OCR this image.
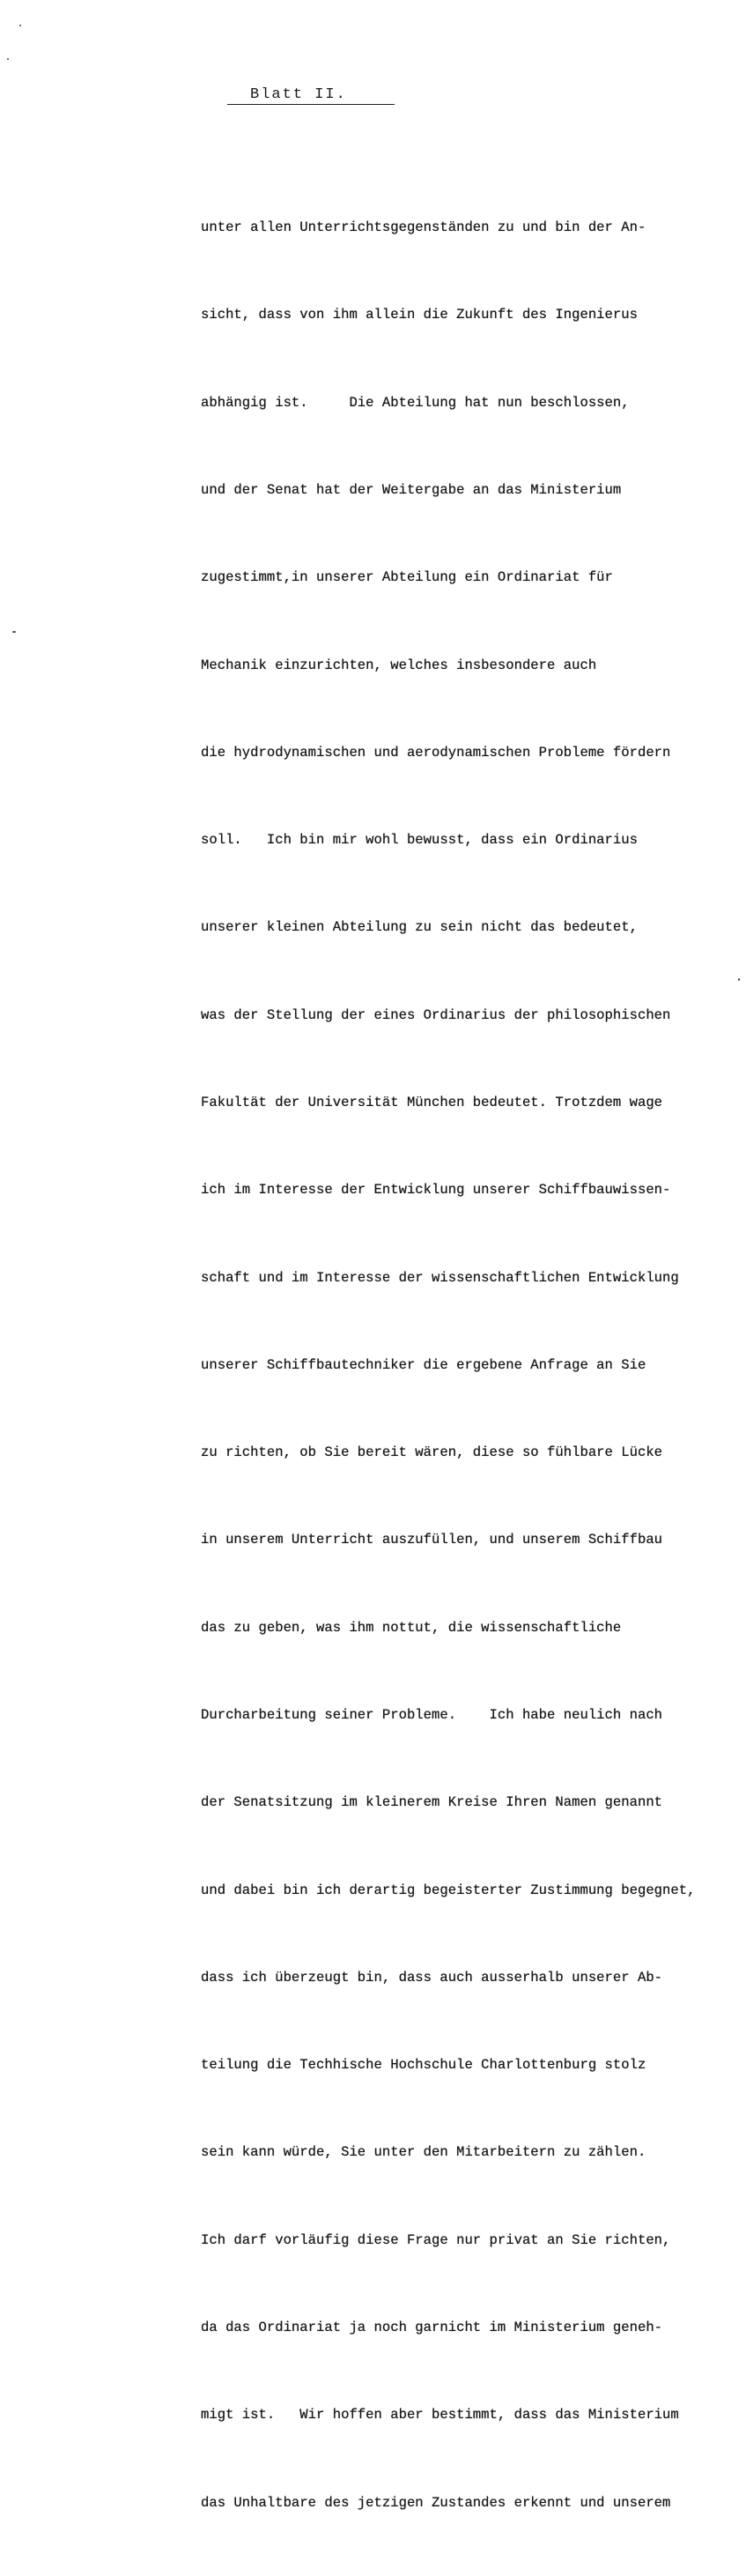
Blatt II.

unter allen Unterrichtsgegenständen zu und bin der An-

sicht, dass von ihm allein die Zukunft des Ingenierus

abhängig ist.     Die Abteilung hat nun beschlossen,

und der Senat hat der Weitergabe an das Ministerium

zugestimmt,in unserer Abteilung ein Ordinariat für

Mechanik einzurichten, welches insbesondere auch

die hydrodynamischen und aerodynamischen Probleme fördern

soll.   Ich bin mir wohl bewusst, dass ein Ordinarius

unserer kleinen Abteilung zu sein nicht das bedeutet,

was der Stellung der eines Ordinarius der philosophischen

Fakultät der Universität München bedeutet. Trotzdem wage

ich im Interesse der Entwicklung unserer Schiffbauwissen-

schaft und im Interesse der wissenschaftlichen Entwicklung

unserer Schiffbautechniker die ergebene Anfrage an Sie

zu richten, ob Sie bereit wären, diese so fühlbare Lücke

in unserem Unterricht auszufüllen, und unserem Schiffbau

das zu geben, was ihm nottut, die wissenschaftliche

Durcharbeitung seiner Probleme.    Ich habe neulich nach

der Senatsitzung im kleinerem Kreise Ihren Namen genannt

und dabei bin ich derartig begeisterter Zustimmung begegnet,

dass ich überzeugt bin, dass auch ausserhalb unserer Ab-

teilung die Techhische Hochschule Charlottenburg stolz

sein kann würde, Sie unter den Mitarbeitern zu zählen.

Ich darf vorläufig diese Frage nur privat an Sie richten,

da das Ordinariat ja noch garnicht im Ministerium geneh-

migt ist.   Wir hoffen aber bestimmt, dass das Ministerium

das Unhaltbare des jetzigen Zustandes erkennt und unserem
